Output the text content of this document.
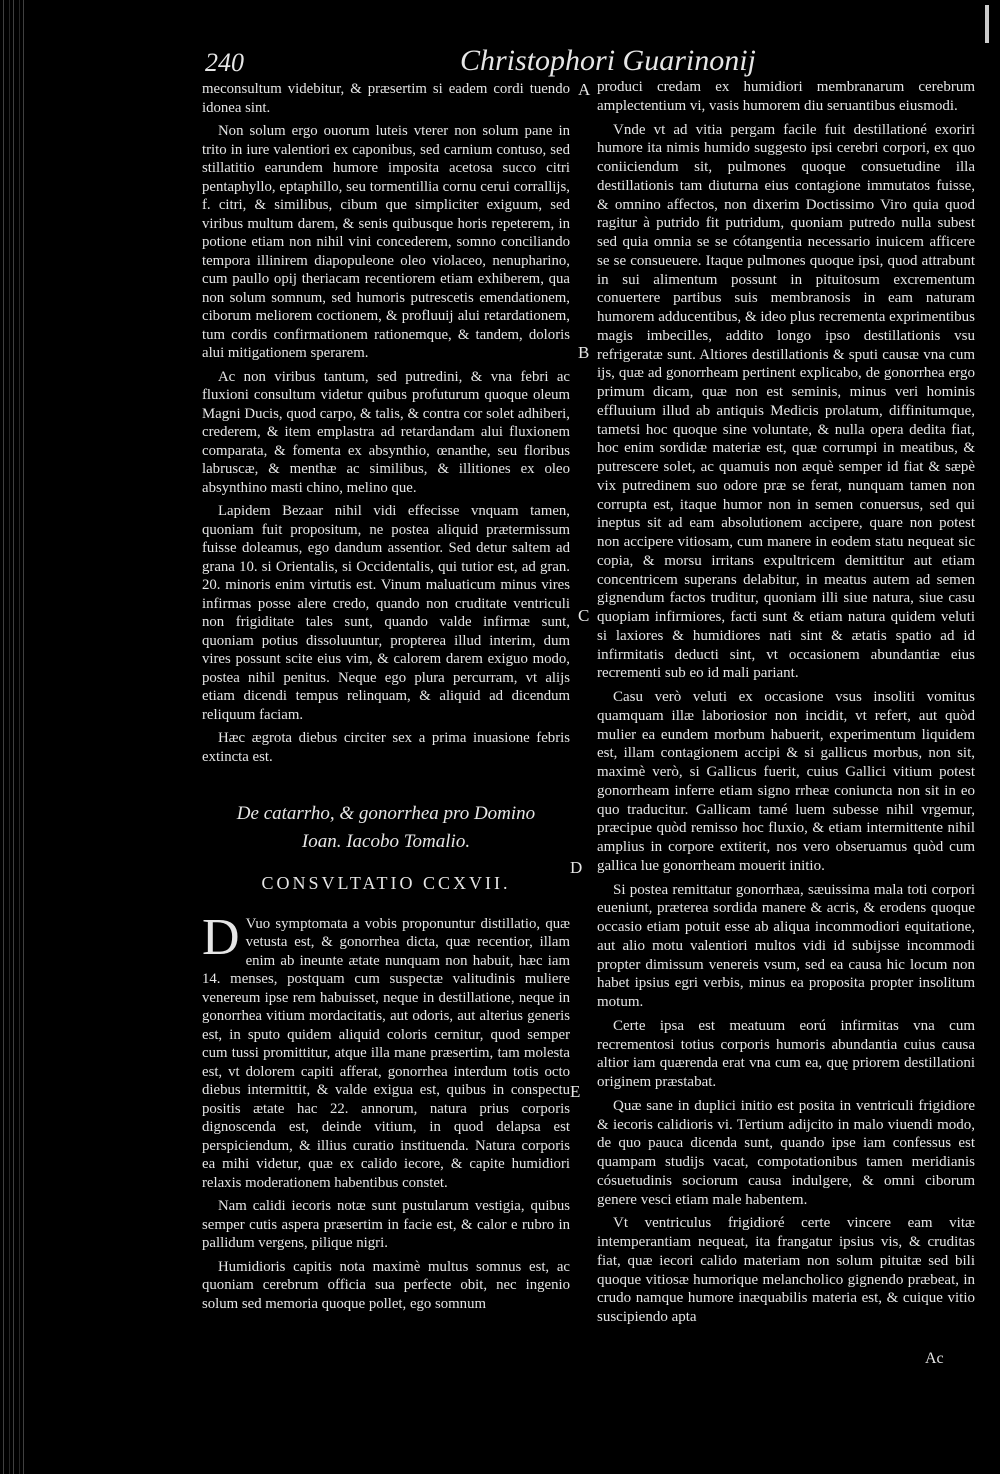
240	Christophori Guarinonij

meconsultum videbitur, & præsertim si eadem cordi tuendo idonea sint.

Non solum ergo ouorum luteis vterer non solum pane in trito in iure valentiori ex caponibus, sed carnium contuso, sed stillatitio earundem humore imposita acetosa succo citri pentaphyllo, eptaphillo, seu tormentillia cornu cerui corrallijs, f. citri, & similibus, cibum que simpliciter exiguum, sed viribus multum darem, & senis quibusque horis repeterem, in potione etiam non nihil vini concederem, somno conciliando tempora illinirem diapopuleone oleo violaceo, nenupharino, cum paullo opij theriacam recentiorem etiam exhiberem, qua non solum somnum, sed humoris putrescetis emendationem, ciborum meliorem coctionem, & profluuij alui retardationem, tum cordis confirmationem rationemque, & tandem, doloris alui mitigationem sperarem.

Ac non viribus tantum, sed putredini, & vna febri ac fluxioni consultum videtur quibus profuturum quoque oleum Magni Ducis, quod carpo, & talis, & contra cor solet adhiberi, crederem, & item emplastra ad retardandam alui fluxionem comparata, & fomenta ex absynthio, œnanthe, seu floribus labruscæ, & menthæ ac similibus, & illitiones ex oleo absynthino masti chino, melino que.

Lapidem Bezaar nihil vidi effecisse vnquam tamen, quoniam fuit propositum, ne postea aliquid prætermissum fuisse doleamus, ego dandum assentior. Sed detur saltem ad grana 10. si Orientalis, si Occidentalis, qui tutior est, ad gran. 20. minoris enim virtutis est. Vinum maluaticum minus vires infirmas posse alere credo, quando non cruditate ventriculi non frigiditate tales sunt, quando valde infirmæ sunt, quoniam potius dissoluuntur, propterea illud interim, dum vires possunt scite eius vim, & calorem darem exiguo modo, postea nihil penitus. Neque ego plura percurram, vt alijs etiam dicendi tempus relinquam, & aliquid ad dicendum reliquum faciam.

Hæc ægrota diebus circiter sex a prima inuasione febris extincta est.

De catarrho, & gonorrhea pro Domino
Ioan. Iacobo Tomalio.
CONSVLTATIO CCXVII.

D Vuo symptomata a vobis proponuntur distillatio, quæ vetusta est, & gonorrhea dicta, quæ recentior, illam enim ab ineunte ætate nunquam non habuit, hæc iam 14. menses, postquam cum suspectæ valitudinis muliere venereum ipse rem habuisset, neque in destillatione, neque in gonorrhea vitium mordacitatis, aut odoris, aut alterius generis est, in sputo quidem aliquid coloris cernitur, quod semper cum tussi promittitur, atque illa mane præsertim, tam molesta est, vt dolorem capiti afferat, gonorrhea interdum totis octo diebus intermittit, & valde exigua est, quibus in conspectu positis ætate hac 22. annorum, natura prius corporis dignoscenda est, deinde vitium, in quod delapsa est perspiciendum, & illius curatio instituenda. Natura corporis ea mihi videtur, quæ ex calido iecore, & capite humidiori relaxis moderationem habentibus constet.

Nam calidi iecoris notæ sunt pustularum vestigia, quibus semper cutis aspera præsertim in facie est, & calor e rubro in pallidum vergens, pilique nigri.

Humidioris capitis nota maximè multus somnus est, ac quoniam cerebrum officia sua perfecte obit, nec ingenio solum sed memoria quoque pollet, ego somnum

A
B
C
D
E

produci credam ex humidiori membranarum cerebrum amplectentium vi, vasis humorem diu seruantibus eiusmodi.

Vnde vt ad vitia pergam facile fuit destillationé exoriri humore ita nimis humido suggesto ipsi cerebri corpori, ex quo coniiciendum sit, pulmones quoque consuetudine illa destillationis tam diuturna eius contagione immutatos fuisse, & omnino affectos, non dixerim Doctissimo Viro quia quod ragitur à putrido fit putridum, quoniam putredo nulla subest sed quia omnia se se cótangentia necessario inuicem afficere se se consueuere. Itaque pulmones quoque ipsi, quod attrabunt in sui alimentum possunt in pituitosum excrementum conuertere partibus suis membranosis in eam naturam humorem adducentibus, & ideo plus recrementa exprimentibus magis imbecilles, addito longo ipso destillationis vsu refrigeratæ sunt. Altiores destillationis & sputi causæ vna cum ijs, quæ ad gonorrheam pertinent explicabo, de gonorrhea ergo primum dicam, quæ non est seminis, minus veri hominis effluuium illud ab antiquis Medicis prolatum, diffinitumque, tametsi hoc quoque sine voluntate, & nulla opera dedita fiat, hoc enim sordidæ materiæ est, quæ corrumpi in meatibus, & putrescere solet, ac quamuis non æquè semper id fiat & sæpè vix putredinem suo odore præ se ferat, nunquam tamen non corrupta est, itaque humor non in semen conuersus, sed qui ineptus sit ad eam absolutionem accipere, quare non potest non accipere vitiosam, cum manere in eodem statu nequeat sic copia, & morsu irritans expultricem demittitur aut etiam concentricem superans delabitur, in meatus autem ad semen gignendum factos truditur, quoniam illi siue natura, siue casu quopiam infirmiores, facti sunt & etiam natura quidem veluti si laxiores & humidiores nati sint & ætatis spatio ad id infirmitatis deducti sint, vt occasionem abundantiæ eius recrementi sub eo id mali pariant.

Casu verò veluti ex occasione vsus insoliti vomitus quamquam illæ laboriosior non incidit, vt refert, aut quòd mulier ea eundem morbum habuerit, experimentum liquidem est, illam contagionem accipi & si gallicus morbus, non sit, maximè verò, si Gallicus fuerit, cuius Gallici vitium potest gonorrheam inferre etiam signo rrheæ coniuncta non sit in eo quo traducitur. Gallicam tamé luem subesse nihil vrgemur, præcipue quòd remisso hoc fluxio, & etiam intermittente nihil amplius in corpore extiterit, nos vero obseruamus quòd cum gallica lue gonorrheam mouerit initio.

Si postea remittatur gonorrhæa, sæuissima mala toti corpori eueniunt, præterea sordida manere & acris, & erodens quoque occasio etiam potuit esse ab aliqua incommodiori equitatione, aut alio motu valentiori multos vidi id subijsse incommodi propter dimissum venereis vsum, sed ea causa hic locum non habet ipsius egri verbis, minus ea proposita propter insolitum motum.

Certe ipsa est meatuum eorú infirmitas vna cum recrementosi totius corporis humoris abundantia cuius causa altior iam quærenda erat vna cum ea, quę priorem destillationi originem præstabat.

Quæ sane in duplici initio est posita in ventriculi frigidiore & iecoris calidioris vi. Tertium adijcito in malo viuendi modo, de quo pauca dicenda sunt, quando ipse iam confessus est quampam studijs vacat, compotationibus tamen meridianis cósuetudinis sociorum causa indulgere, & omni ciborum genere vesci etiam male habentem.

Vt ventriculus frigidioré certe vincere eam vitæ intemperantiam nequeat, ita frangatur ipsius vis, & cruditas fiat, quæ iecori calido materiam non solum pituitæ sed bili quoque vitiosæ humorique melancholico gignendo præbeat, in crudo namque humore inæquabilis materia est, & cuique vitio suscipiendo apta

Ac
